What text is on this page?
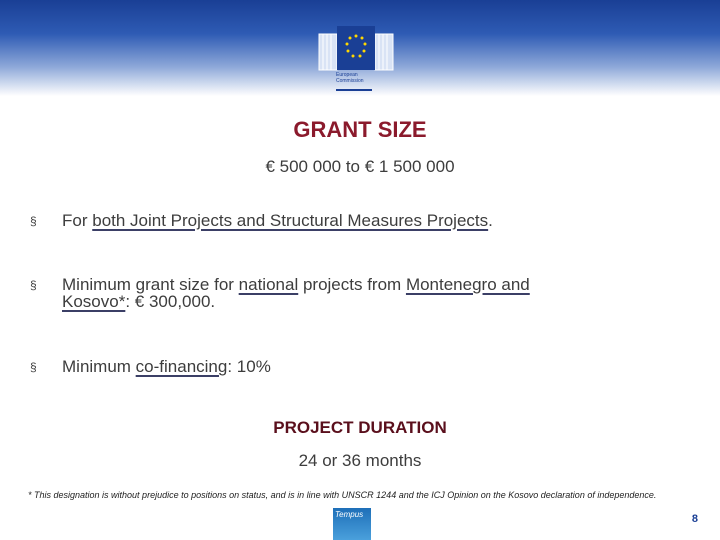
European
Commission
GRANT SIZE
€ 500 000 to € 1 500 000
§ For both Joint Projects and Structural Measures Projects.
§ Minimum grant size for national projects from Montenegro and
Kosovo*: € 300,000.
§ Minimum co-financing: 10%
PROJECT DURATION
24 or 36 months
* This designation is without prejudice to positions on status, and is in line with UNSCR 1244 and the ICJ Opinion on the Kosovo declaration of independence.
Tempus	8
